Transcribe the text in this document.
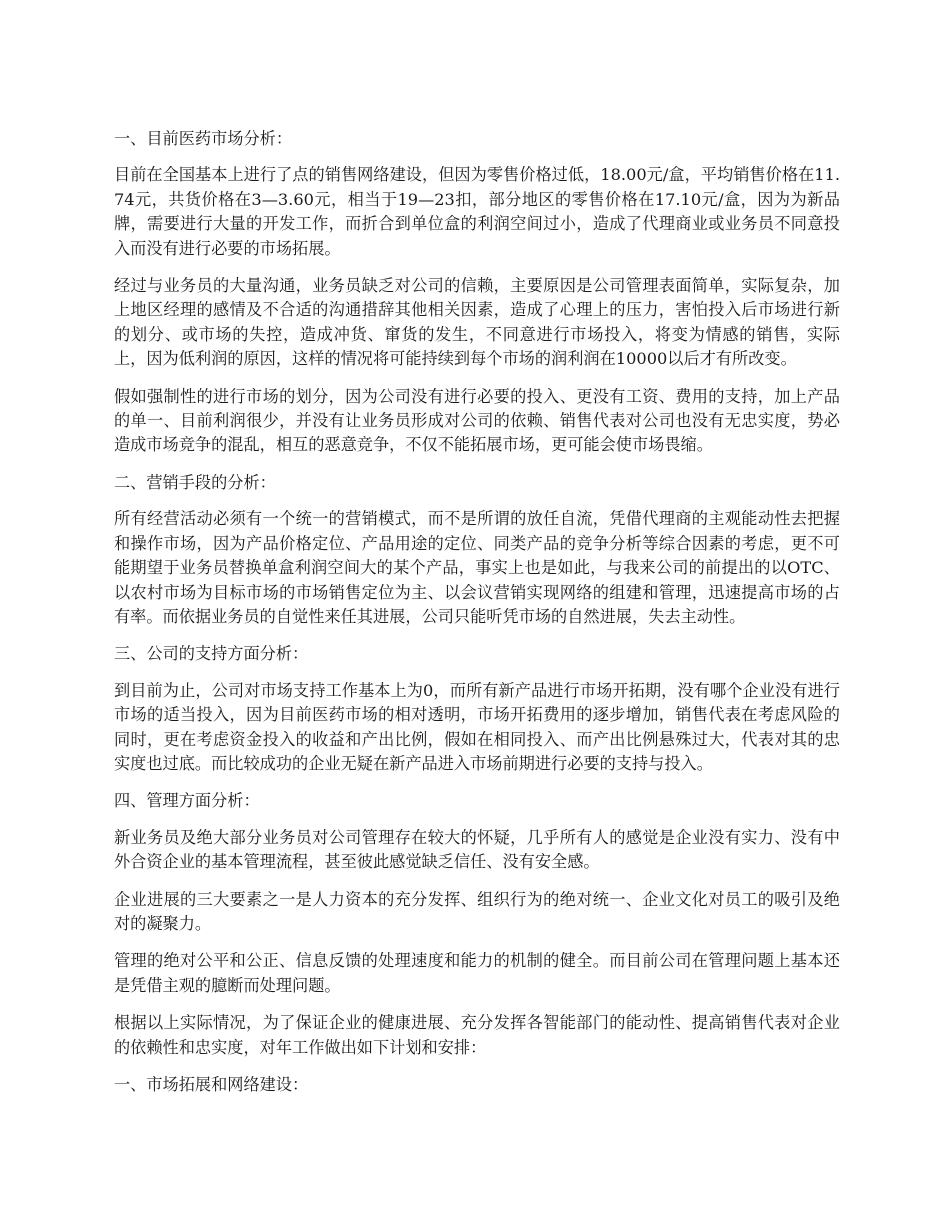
一、目前医药市场分析：

目前在全国基本上进行了点的销售网络建设，但因为零售价格过低，18.00元/盒，平均销售价格在11.74元，共货价格在3—3.60元，相当于19—23扣，部分地区的零售价格在17.10元/盒，因为为新品牌，需要进行大量的开发工作，而折合到单位盒的利润空间过小，造成了代理商业或业务员不同意投入而没有进行必要的市场拓展。

经过与业务员的大量沟通，业务员缺乏对公司的信赖，主要原因是公司管理表面简单，实际复杂，加上地区经理的感情及不合适的沟通措辞其他相关因素，造成了心理上的压力，害怕投入后市场进行新的划分、或市场的失控，造成冲货、窜货的发生，不同意进行市场投入，将变为情感的销售，实际上，因为低利润的原因，这样的情况将可能持续到每个市场的润利润在10000以后才有所改变。

假如强制性的进行市场的划分，因为公司没有进行必要的投入、更没有工资、费用的支持，加上产品的单一、目前利润很少，并没有让业务员形成对公司的依赖、销售代表对公司也没有无忠实度，势必造成市场竞争的混乱，相互的恶意竞争，不仅不能拓展市场，更可能会使市场畏缩。

二、营销手段的分析：

所有经营活动必须有一个统一的营销模式，而不是所谓的放任自流，凭借代理商的主观能动性去把握和操作市场，因为产品价格定位、产品用途的定位、同类产品的竞争分析等综合因素的考虑，更不可能期望于业务员替换单盒利润空间大的某个产品，事实上也是如此，与我来公司的前提出的以OTC、以农村市场为目标市场的市场销售定位为主、以会议营销实现网络的组建和管理，迅速提高市场的占有率。而依据业务员的自觉性来任其进展，公司只能听凭市场的自然进展，失去主动性。

三、公司的支持方面分析：

到目前为止，公司对市场支持工作基本上为0，而所有新产品进行市场开拓期，没有哪个企业没有进行市场的适当投入，因为目前医药市场的相对透明，市场开拓费用的逐步增加，销售代表在考虑风险的同时，更在考虑资金投入的收益和产出比例，假如在相同投入、而产出比例悬殊过大，代表对其的忠实度也过底。而比较成功的企业无疑在新产品进入市场前期进行必要的支持与投入。

四、管理方面分析：

新业务员及绝大部分业务员对公司管理存在较大的怀疑，几乎所有人的感觉是企业没有实力、没有中外合资企业的基本管理流程，甚至彼此感觉缺乏信任、没有安全感。

企业进展的三大要素之一是人力资本的充分发挥、组织行为的绝对统一、企业文化对员工的吸引及绝对的凝聚力。

管理的绝对公平和公正、信息反馈的处理速度和能力的机制的健全。而目前公司在管理问题上基本还是凭借主观的臆断而处理问题。

根据以上实际情况，为了保证企业的健康进展、充分发挥各智能部门的能动性、提高销售代表对企业的依赖性和忠实度，对年工作做出如下计划和安排：

一、市场拓展和网络建设：
